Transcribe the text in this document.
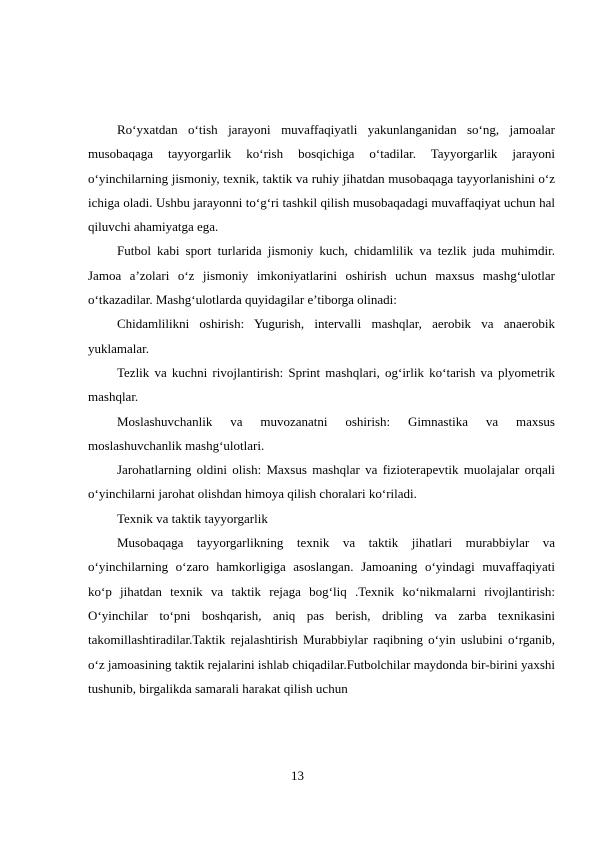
Ro‘yxatdan o‘tish jarayoni muvaffaqiyatli yakunlanganidan so‘ng, jamoalar musobaqaga tayyorgarlik ko‘rish bosqichiga o‘tadilar. Tayyorgarlik jarayoni o‘yinchilarning jismoniy, texnik, taktik va ruhiy jihatdan musobaqaga tayyorlanishini o‘z ichiga oladi. Ushbu jarayonni to‘g‘ri tashkil qilish musobaqadagi muvaffaqiyat uchun hal qiluvchi ahamiyatga ega.

Futbol kabi sport turlarida jismoniy kuch, chidamlilik va tezlik juda muhimdir. Jamoa a’zolari o‘z jismoniy imkoniyatlarini oshirish uchun maxsus mashg‘ulotlar o‘tkazadilar. Mashg‘ulotlarda quyidagilar e’tiborga olinadi:

Chidamlilikni oshirish: Yugurish, intervalli mashqlar, aerobik va anaerobik yuklamalar.

Tezlik va kuchni rivojlantirish: Sprint mashqlari, og‘irlik ko‘tarish va plyometrik mashqlar.

Moslashuvchanlik va muvozanatni oshirish: Gimnastika va maxsus moslashuvchanlik mashg‘ulotlari.

Jarohatlarning oldini olish: Maxsus mashqlar va fizioterapevtik muolajalar orqali o‘yinchilarni jarohat olishdan himoya qilish choralari ko‘riladi.

Texnik va taktik tayyorgarlik

Musobaqaga tayyorgarlikning texnik va taktik jihatlari murabbiylar va o‘yinchilarning o‘zaro hamkorligiga asoslangan. Jamoaning o‘yindagi muvaffaqiyati ko‘p jihatdan texnik va taktik rejaga bog‘liq .Texnik ko‘nikmalarni rivojlantirish: O‘yinchilar to‘pni boshqarish, aniq pas berish, dribling va zarba texnikasini takomillashtiradilar.Taktik rejalashtirish Murabbiylar raqibning o‘yin uslubini o‘rganib, o‘z jamoasining taktik rejalarini ishlab chiqadilar.Futbolchilar maydonda bir-birini yaxshi tushunib, birgalikda samarali harakat qilish uchun

13
